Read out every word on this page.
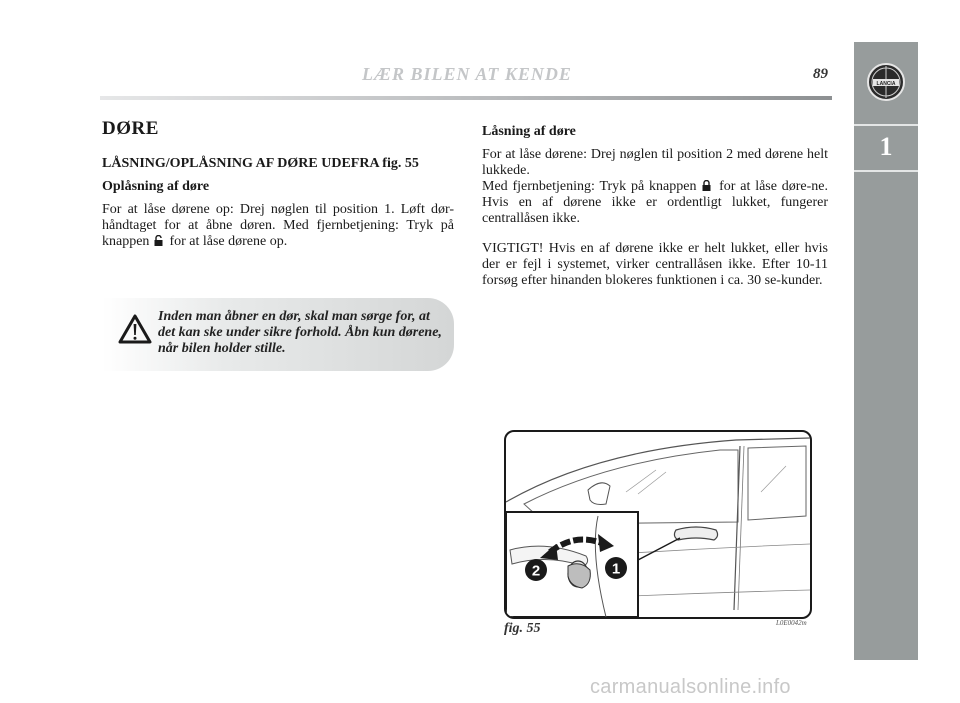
LÆR BILEN AT KENDE	89
LANCIA
1
DØRE
LÅSNING/OPLÅSNING AF DØRE UDEFRA fig. 55
Oplåsning af døre

For at låse dørene op: Drej nøglen til position 1. Løft dør-håndtaget for at åbne døren. Med fjernbetjening: Tryk på knappen for at låse dørene op.

Inden man åbner en dør, skal man sørge for, at det kan ske under sikre forhold. Åbn kun dørene, når bilen holder stille.
Låsning af døre

For at låse dørene: Drej nøglen til position 2 med dørene helt lukkede.

Med fjernbetjening: Tryk på knappen for at låse døre-ne. Hvis en af dørene ikke er ordentligt lukket, fungerer centrallåsen ikke.

VIGTIGT! Hvis en af dørene ikke er helt lukket, eller hvis der er fejl i systemet, virker centrallåsen ikke. Efter 10-11 forsøg efter hinanden blokeres funktionen i ca. 30 se-kunder.

2	1
fig. 55	L0E0042m
carmanualsonline.info
